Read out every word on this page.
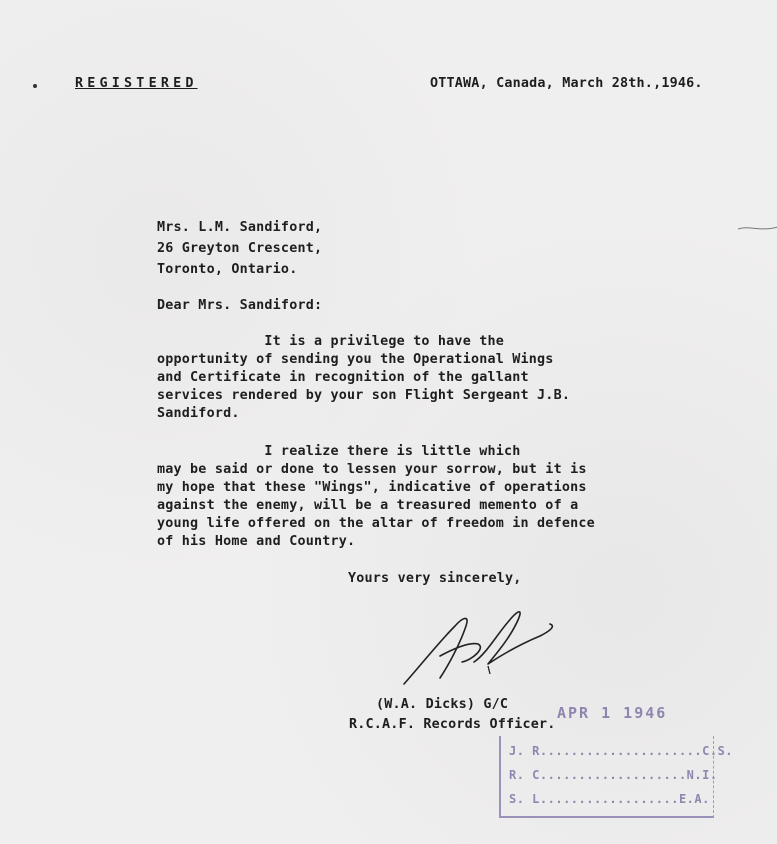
REGISTERED	OTTAWA, Canada, March 28th.,1946.
Mrs. L.M. Sandiford,
26 Greyton Crescent,
Toronto, Ontario.
Dear Mrs. Sandiford:
It is a privilege to have the
opportunity of sending you the Operational Wings
and Certificate in recognition of the gallant
services rendered by your son Flight Sergeant J.B.
Sandiford.
I realize there is little which
may be said or done to lessen your sorrow, but it is
my hope that these "Wings", indicative of operations
against the enemy, will be a treasured memento of a
young life offered on the altar of freedom in defence
of his Home and Country.
Yours very sincerely,
(W.A. Dicks) G/C
R.C.A.F. Records Officer.
APR 1 1946
J. R.....................C.S.
R. C...................N.I.
S. L..................E.A.
